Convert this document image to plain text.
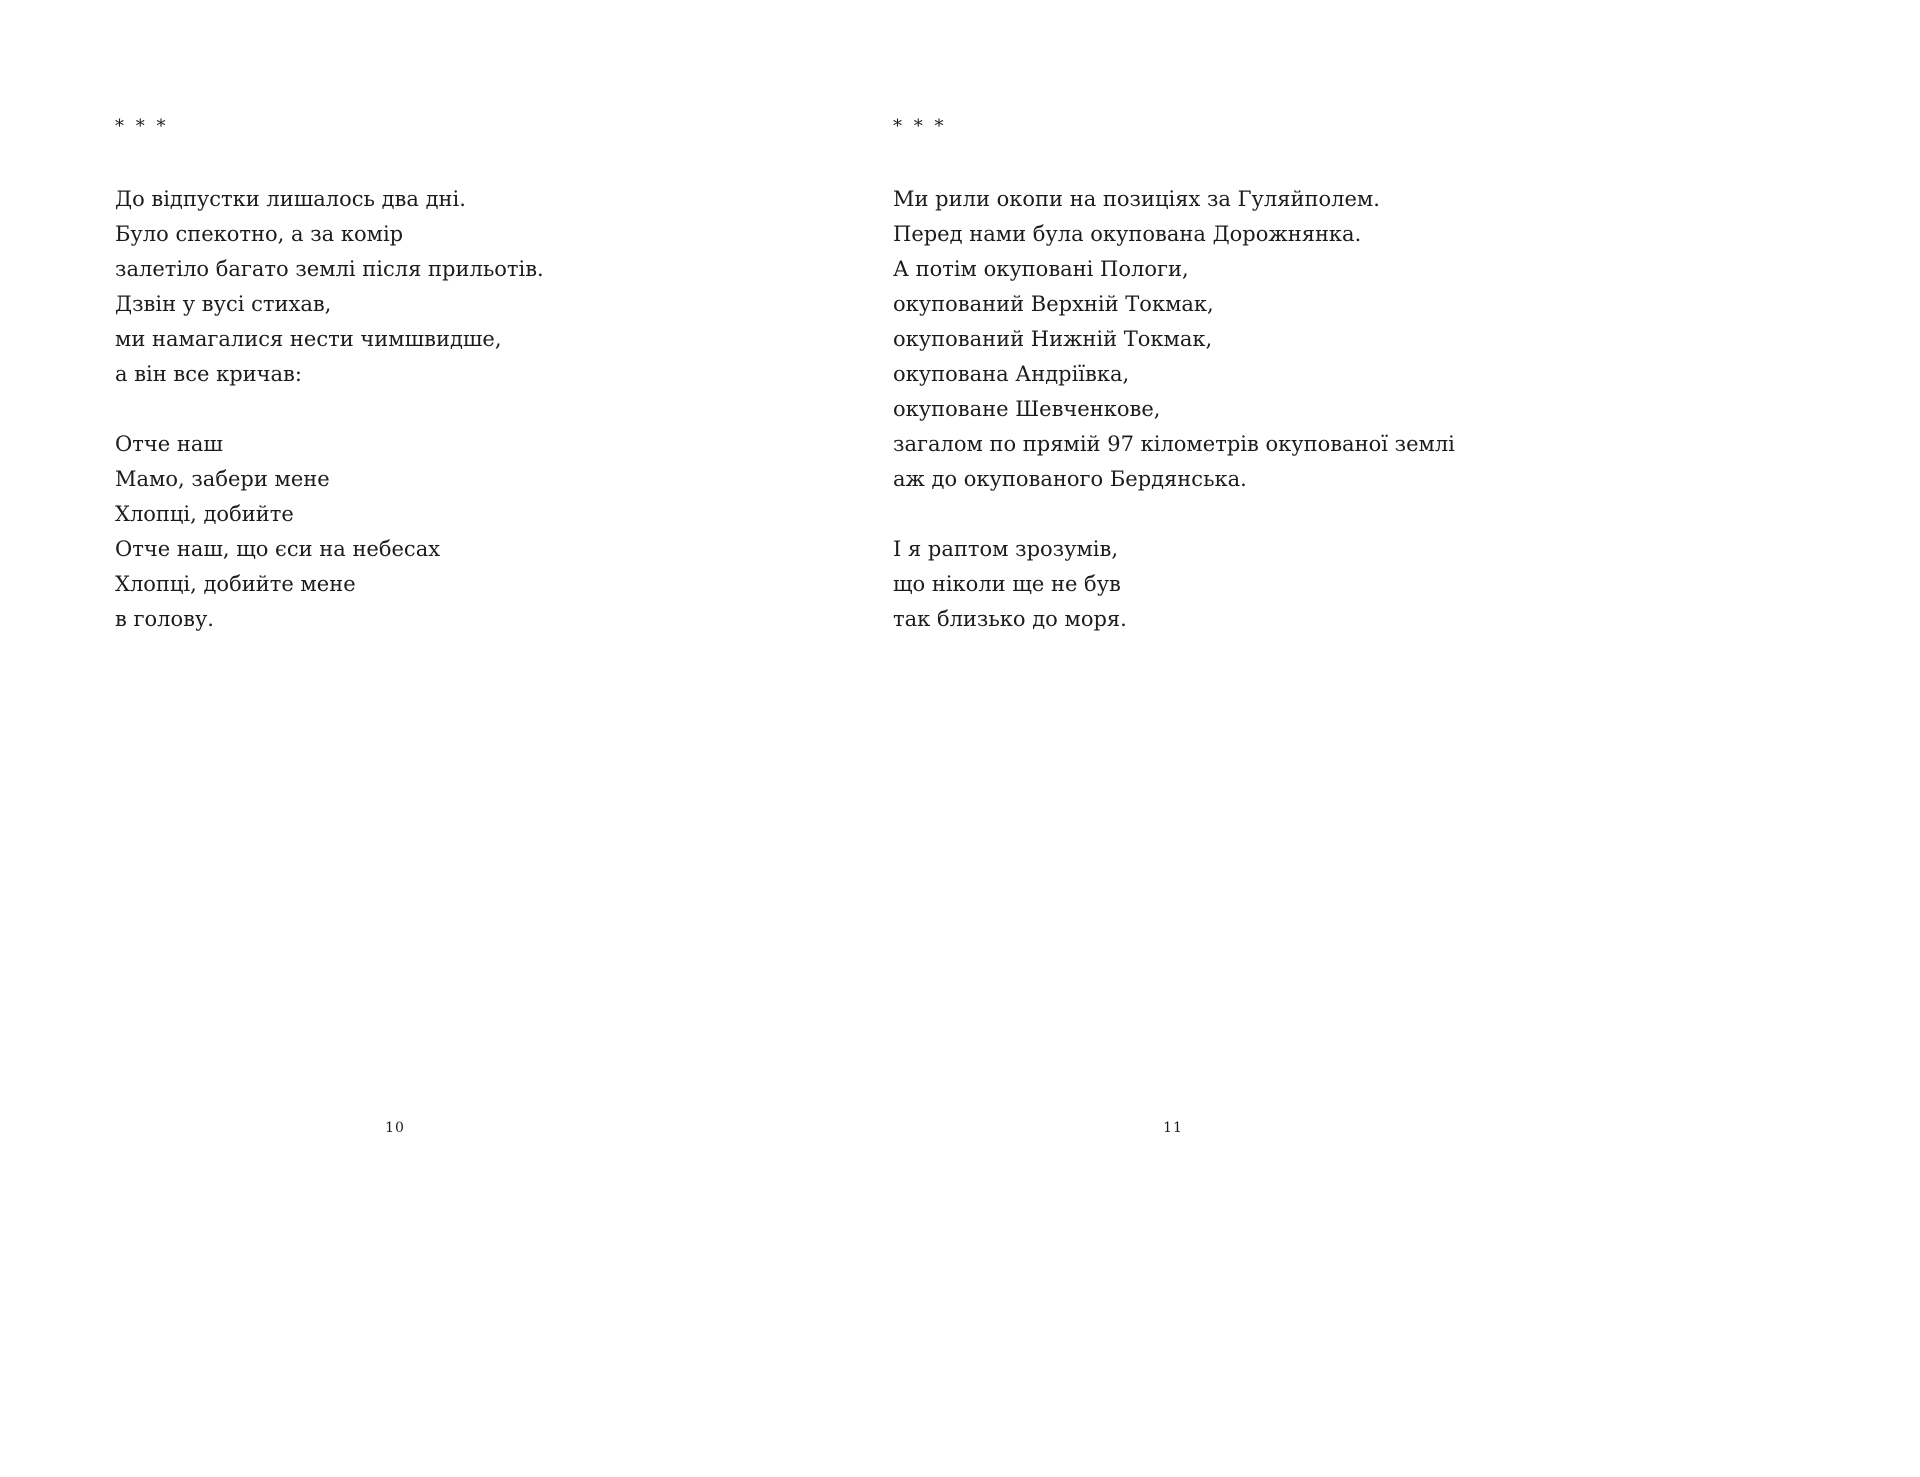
* * *

До відпустки лишалось два дні.
Було спекотно, а за комір
залетіло багато землі після прильотів.
Дзвін у вусі стихав,
ми намагалися нести чимшвидше,
а він все кричав:
Отче наш
Мамо, забери мене
Хлопці, добийте
Отче наш, що єси на небесах
Хлопці, добийте мене
в голову.
10

* * *

Ми рили окопи на позиціях за Гуляйполем.
Перед нами була окупована Дорожнянка.
А потім окуповані Пологи,
окупований Верхній Токмак,
окупований Нижній Токмак,
окупована Андріївка,
окуповане Шевченкове,
загалом по прямій 97 кілометрів окупованої землі
аж до окупованого Бердянська.
І я раптом зрозумів,
що ніколи ще не був
так близько до моря.
11
